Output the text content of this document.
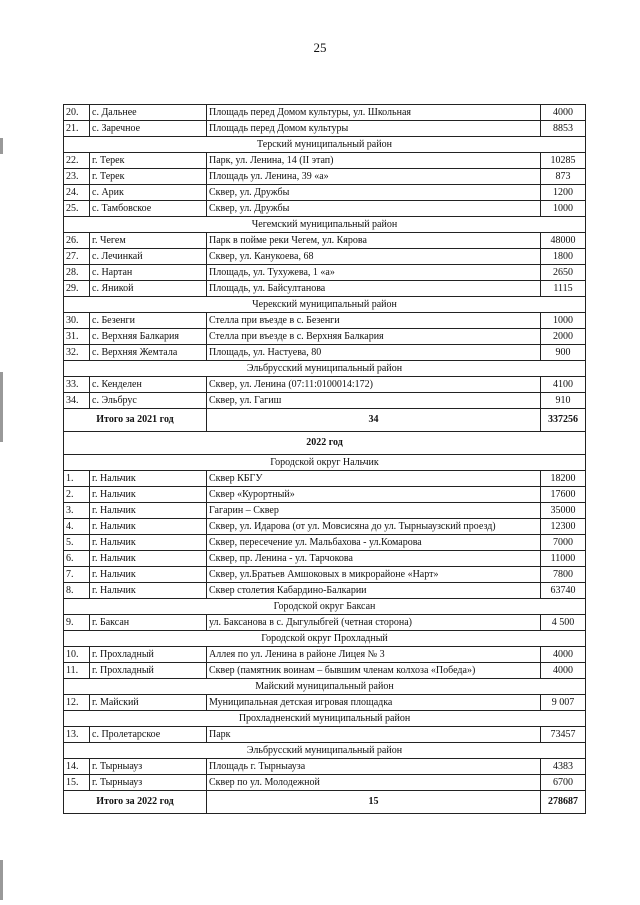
25
20.	с. Дальнее	Площадь перед Домом культуры, ул. Школьная	4000
21.	с. Заречное	Площадь перед Домом культуры	8853
Терский муниципальный район			
22.	г. Терек	Парк, ул. Ленина, 14 (II этап)	10285
23.	г. Терек	Площадь ул. Ленина, 39 «а»	873
24.	с. Арик	Сквер, ул. Дружбы	1200
25.	с. Тамбовское	Сквер, ул. Дружбы	1000
Чегемский муниципальный район			
26.	г. Чегем	Парк в пойме реки Чегем, ул. Кярова	48000
27.	с. Лечинкай	Сквер, ул. Канукоева, 68	1800
28.	с. Нартан	Площадь, ул. Тухужева, 1 «а»	2650
29.	с. Яникой	Площадь, ул. Байсултанова	1115
Черекский муниципальный район			
30.	с. Безенги	Стелла при въезде в с. Безенги	1000
31.	с. Верхняя Балкария	Стелла при въезде в с. Верхняя Балкария	2000
32.	с. Верхняя Жемтала	Площадь, ул. Настуева, 80	900
Эльбрусский муниципальный район			
33.	с. Кенделен	Сквер, ул. Ленина (07:11:0100014:172)	4100
34.	с. Эльбрус	Сквер, ул. Гагиш	910
Итого за 2021 год		34	337256
2022 год			
Городской округ Нальчик			
1.	г. Нальчик	Сквер КБГУ	18200
2.	г. Нальчик	Сквер «Курортный»	17600
3.	г. Нальчик	Гагарин – Сквер	35000
4.	г. Нальчик	Сквер, ул. Идарова (от ул. Мовсисяна до ул. Тырныаузский проезд)	12300
5.	г. Нальчик	Сквер, пересечение ул. Мальбахова - ул.Комарова	7000
6.	г. Нальчик	Сквер, пр. Ленина - ул. Тарчокова	11000
7.	г. Нальчик	Сквер, ул.Братьев Амшоковых в микрорайоне «Нарт»	7800
8.	г. Нальчик	Сквер столетия Кабардино-Балкарии	63740
Городской округ Баксан			
9.	г. Баксан	ул. Баксанова в с. Дыгулыбгей (четная сторона)	4 500
Городской округ Прохладный			
10.	г. Прохладный	Аллея по ул. Ленина в районе Лицея № 3	4000
11.	г. Прохладный	Сквер (памятник воинам – бывшим членам колхоза «Победа»)	4000
Майский муниципальный район			
12.	г. Майский	Муниципальная детская игровая площадка	9 007
Прохладненский муниципальный район			
13.	с. Пролетарское	Парк	73457
Эльбрусский муниципальный район			
14.	г. Тырныауз	Площадь г. Тырныауза	4383
15.	г. Тырныауз	Сквер по ул. Молодежной	6700
Итого за 2022 год		15	278687
